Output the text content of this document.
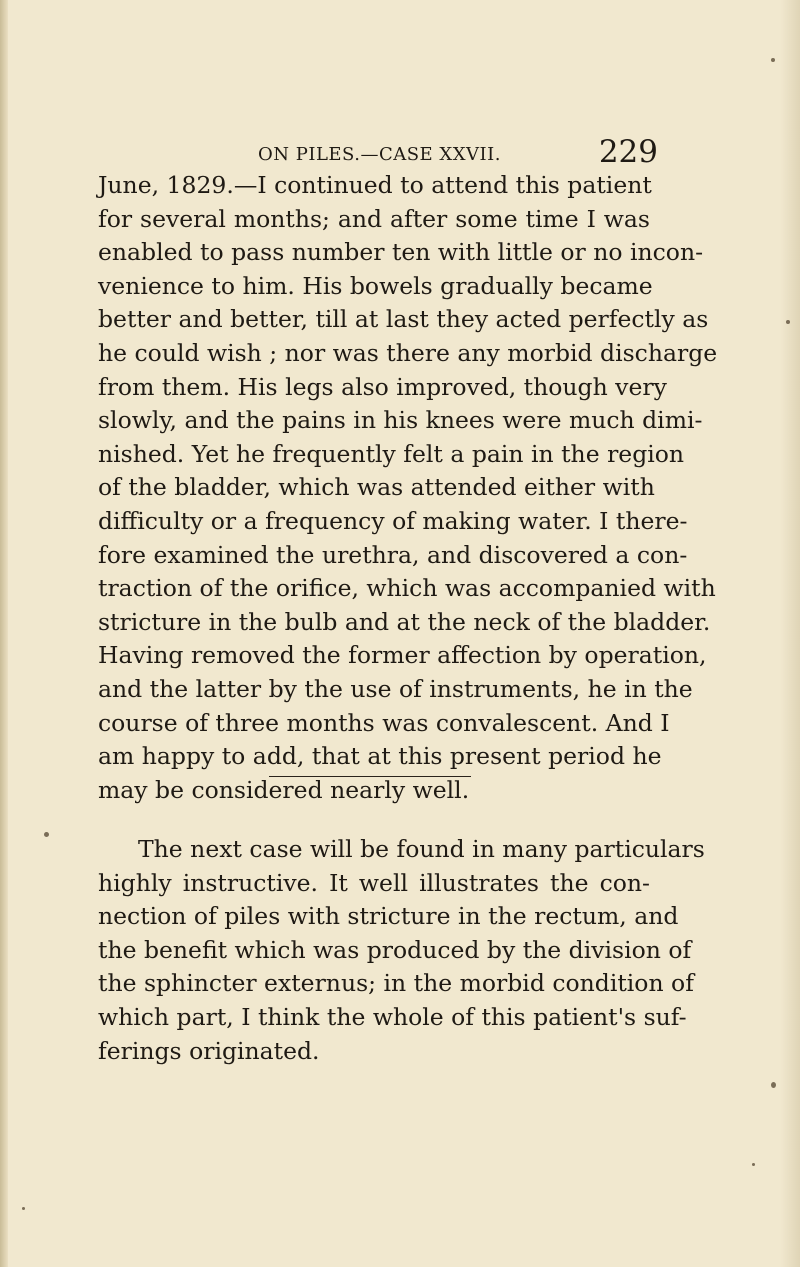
ON PILES.—CASE XXVII.	229
June, 1829.—I continued to attend this patient
for several months; and after some time I was
enabled to pass number ten with little or no incon-
venience to him. His bowels gradually became
better and better, till at last they acted perfectly as
he could wish ; nor was there any morbid discharge
from them. His legs also improved, though very
slowly, and the pains in his knees were much dimi-
nished. Yet he frequently felt a pain in the region
of the bladder, which was attended either with
difficulty or a frequency of making water. I there-
fore examined the urethra, and discovered a con-
traction of the orifice, which was accompanied with
stricture in the bulb and at the neck of the bladder.
Having removed the former affection by operation,
and the latter by the use of instruments, he in the
course of three months was convalescent. And I
am happy to add, that at this present period he
may be considered nearly well.
The next case will be found in many particulars
highly instructive. It well illustrates the con-
nection of piles with stricture in the rectum, and
the benefit which was produced by the division of
the sphincter externus; in the morbid condition of
which part, I think the whole of this patient's suf-
ferings originated.
